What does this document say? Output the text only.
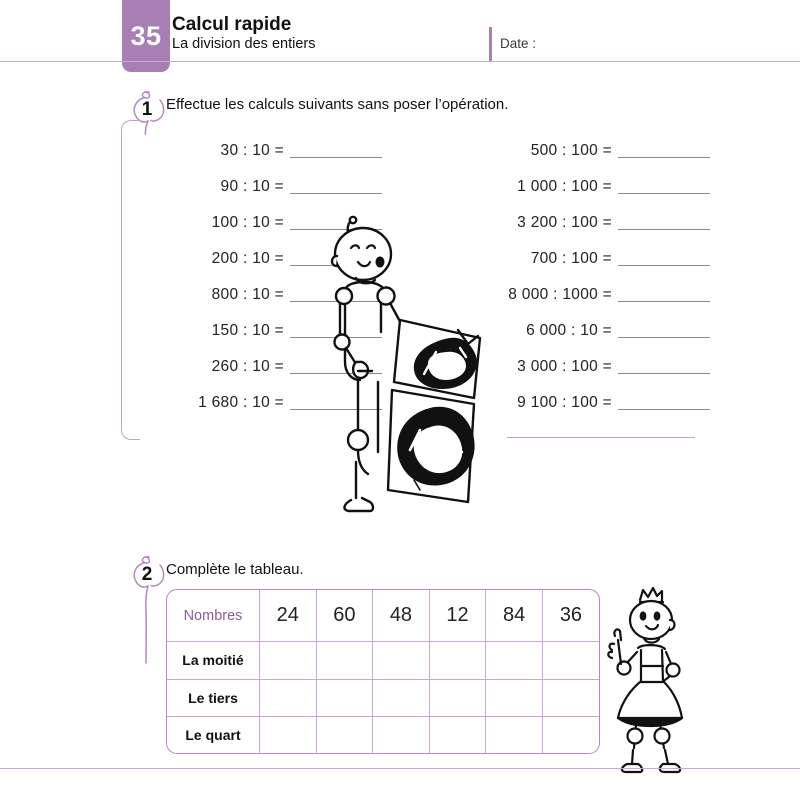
35 Calcul rapide
La division des entiers	Date :
1 Effectue les calculs suivants sans poser l’opération.
30 : 10 =
90 : 10 =
100 : 10 =
200 : 10 =
800 : 10 =
150 : 10 =
260 : 10 =
1 680 : 10 =
500 : 100 =
1 000 : 100 =
3 200 : 100 =
700 : 100 =
8 000 : 1000 =
6 000 : 10 =
3 000 : 100 =
9 100 : 100 =
2 Complète le tableau.
Nombres	24	60	48	12	84	36
La moitié						
Le tiers						
Le quart						
